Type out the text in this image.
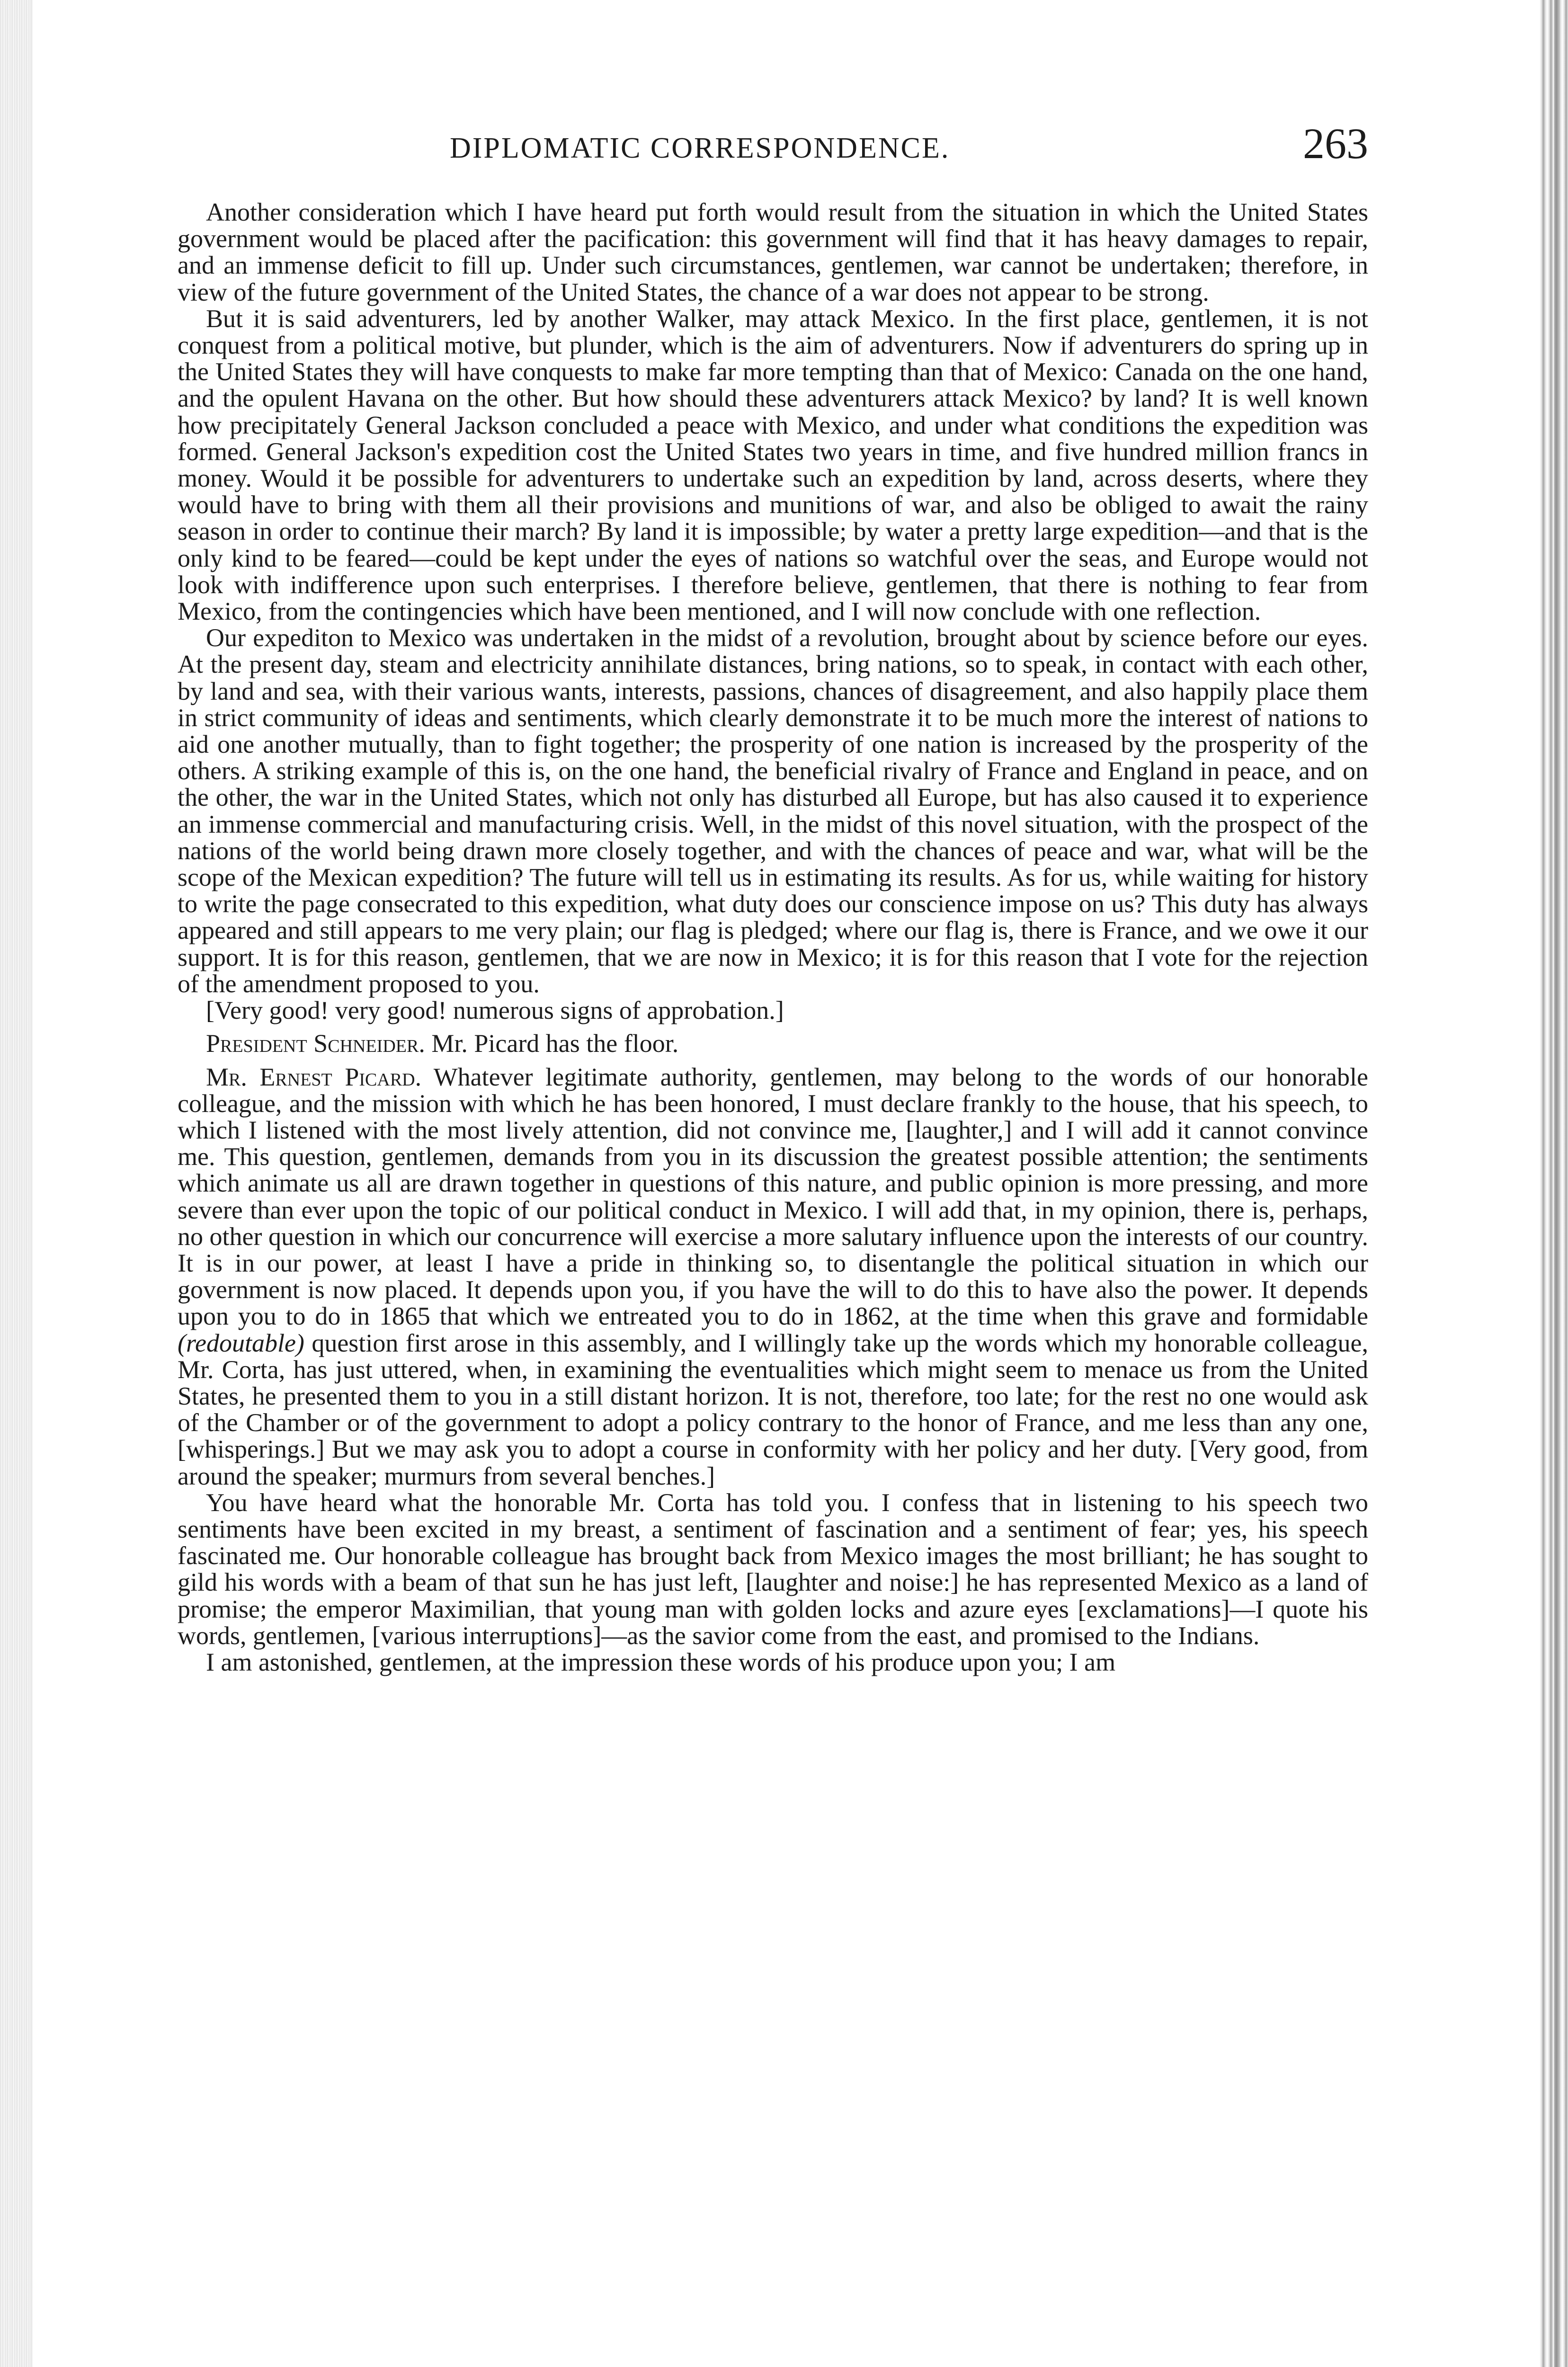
DIPLOMATIC CORRESPONDENCE.	263

Another consideration which I have heard put forth would result from the situation in which the United States government would be placed after the pacification: this government will find that it has heavy damages to repair, and an immense deficit to fill up. Under such circumstances, gentlemen, war cannot be undertaken; therefore, in view of the future government of the United States, the chance of a war does not appear to be strong.

But it is said adventurers, led by another Walker, may attack Mexico. In the first place, gentlemen, it is not conquest from a political motive, but plunder, which is the aim of adventurers. Now if adventurers do spring up in the United States they will have conquests to make far more tempting than that of Mexico: Canada on the one hand, and the opulent Havana on the other. But how should these adventurers attack Mexico? by land? It is well known how precipitately General Jackson concluded a peace with Mexico, and under what conditions the expedition was formed. General Jackson's expedition cost the United States two years in time, and five hundred million francs in money. Would it be possible for adventurers to undertake such an expedition by land, across deserts, where they would have to bring with them all their provisions and munitions of war, and also be obliged to await the rainy season in order to continue their march? By land it is impossible; by water a pretty large expedition—and that is the only kind to be feared—could be kept under the eyes of nations so watchful over the seas, and Europe would not look with indifference upon such enterprises. I therefore believe, gentlemen, that there is nothing to fear from Mexico, from the contingencies which have been mentioned, and I will now conclude with one reflection.

Our expediton to Mexico was undertaken in the midst of a revolution, brought about by science before our eyes. At the present day, steam and electricity annihilate distances, bring nations, so to speak, in contact with each other, by land and sea, with their various wants, interests, passions, chances of disagreement, and also happily place them in strict community of ideas and sentiments, which clearly demonstrate it to be much more the interest of nations to aid one another mutually, than to fight together; the prosperity of one nation is increased by the prosperity of the others. A striking example of this is, on the one hand, the beneficial rivalry of France and England in peace, and on the other, the war in the United States, which not only has disturbed all Europe, but has also caused it to experience an immense commercial and manufacturing crisis. Well, in the midst of this novel situation, with the prospect of the nations of the world being drawn more closely together, and with the chances of peace and war, what will be the scope of the Mexican expedition? The future will tell us in estimating its results. As for us, while waiting for history to write the page consecrated to this expedition, what duty does our conscience impose on us? This duty has always appeared and still appears to me very plain; our flag is pledged; where our flag is, there is France, and we owe it our support. It is for this reason, gentlemen, that we are now in Mexico; it is for this reason that I vote for the rejection of the amendment proposed to you.

[Very good! very good! numerous signs of approbation.]

President Schneider. Mr. Picard has the floor.

Mr. Ernest Picard. Whatever legitimate authority, gentlemen, may belong to the words of our honorable colleague, and the mission with which he has been honored, I must declare frankly to the house, that his speech, to which I listened with the most lively attention, did not convince me, [laughter,] and I will add it cannot convince me. This question, gentlemen, demands from you in its discussion the greatest possible attention; the sentiments which animate us all are drawn together in questions of this nature, and public opinion is more pressing, and more severe than ever upon the topic of our political conduct in Mexico. I will add that, in my opinion, there is, perhaps, no other question in which our concurrence will exercise a more salutary influence upon the interests of our country. It is in our power, at least I have a pride in thinking so, to disentangle the political situation in which our government is now placed. It depends upon you, if you have the will to do this to have also the power. It depends upon you to do in 1865 that which we entreated you to do in 1862, at the time when this grave and formidable (redoutable) question first arose in this assembly, and I willingly take up the words which my honorable colleague, Mr. Corta, has just uttered, when, in examining the eventualities which might seem to menace us from the United States, he presented them to you in a still distant horizon. It is not, therefore, too late; for the rest no one would ask of the Chamber or of the government to adopt a policy contrary to the honor of France, and me less than any one, [whisperings.] But we may ask you to adopt a course in conformity with her policy and her duty. [Very good, from around the speaker; murmurs from several benches.]

You have heard what the honorable Mr. Corta has told you. I confess that in listening to his speech two sentiments have been excited in my breast, a sentiment of fascination and a sentiment of fear; yes, his speech fascinated me. Our honorable colleague has brought back from Mexico images the most brilliant; he has sought to gild his words with a beam of that sun he has just left, [laughter and noise:] he has represented Mexico as a land of promise; the emperor Maximilian, that young man with golden locks and azure eyes [exclamations]—I quote his words, gentlemen, [various interruptions]—as the savior come from the east, and promised to the Indians.

I am astonished, gentlemen, at the impression these words of his produce upon you; I am
